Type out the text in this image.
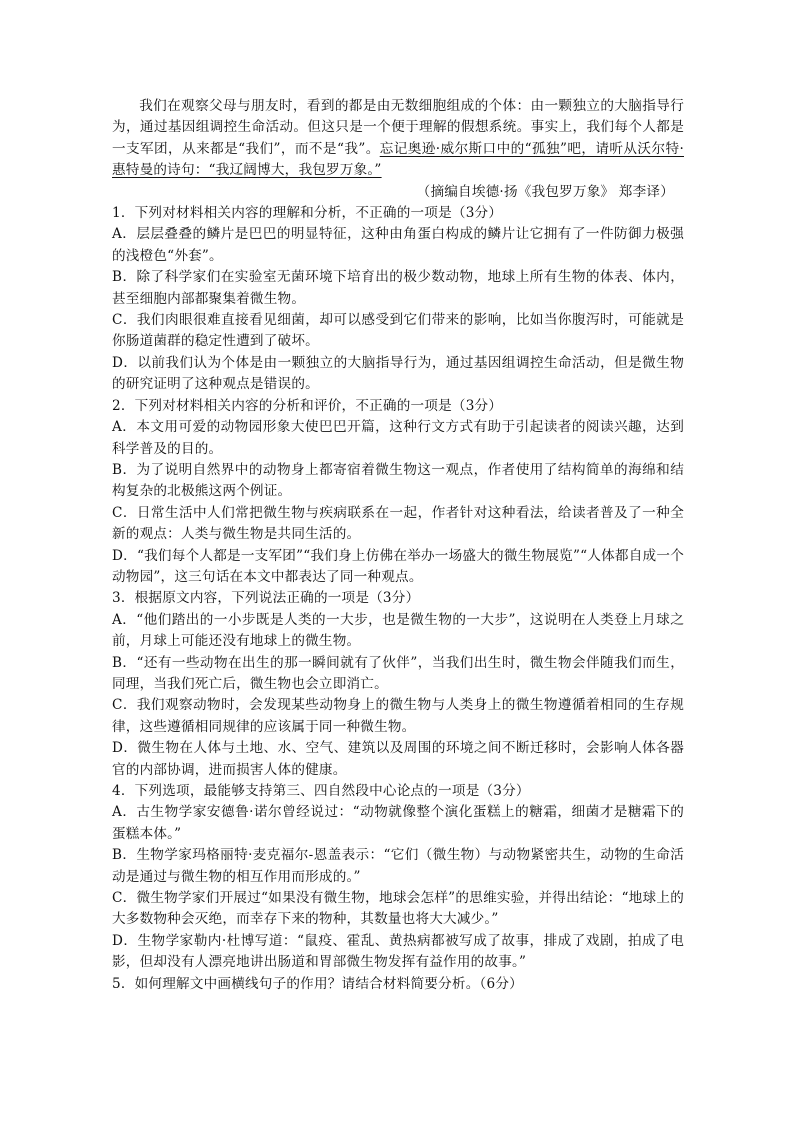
我们在观察父母与朋友时，看到的都是由无数细胞组成的个体：由一颗独立的大脑指导行为，通过基因组调控生命活动。但这只是一个便于理解的假想系统。事实上，我们每个人都是一支军团，从来都是“我们”，而不是“我”。忘记奥逊·威尔斯口中的“孤独”吧，请听从沃尔特·惠特曼的诗句：“我辽阔博大，我包罗万象。”

（摘编自埃德·扬《我包罗万象》 郑李译）

1．下列对材料相关内容的理解和分析，不正确的一项是（3分）

A．层层叠叠的鳞片是巴巴的明显特征，这种由角蛋白构成的鳞片让它拥有了一件防御力极强的浅橙色“外套”。

B．除了科学家们在实验室无菌环境下培育出的极少数动物，地球上所有生物的体表、体内，甚至细胞内部都聚集着微生物。

C．我们肉眼很难直接看见细菌，却可以感受到它们带来的影响，比如当你腹泻时，可能就是你肠道菌群的稳定性遭到了破坏。

D．以前我们认为个体是由一颗独立的大脑指导行为，通过基因组调控生命活动，但是微生物的研究证明了这种观点是错误的。

2．下列对材料相关内容的分析和评价，不正确的一项是（3分）

A．本文用可爱的动物园形象大使巴巴开篇，这种行文方式有助于引起读者的阅读兴趣，达到科学普及的目的。

B．为了说明自然界中的动物身上都寄宿着微生物这一观点，作者使用了结构简单的海绵和结构复杂的北极熊这两个例证。

C．日常生活中人们常把微生物与疾病联系在一起，作者针对这种看法，给读者普及了一种全新的观点：人类与微生物是共同生活的。

D．“我们每个人都是一支军团”“我们身上仿佛在举办一场盛大的微生物展览”“人体都自成一个动物园”，这三句话在本文中都表达了同一种观点。

3．根据原文内容，下列说法正确的一项是（3分）

A．“他们踏出的一小步既是人类的一大步，也是微生物的一大步”，这说明在人类登上月球之前，月球上可能还没有地球上的微生物。

B．“还有一些动物在出生的那一瞬间就有了伙伴”，当我们出生时，微生物会伴随我们而生，同理，当我们死亡后，微生物也会立即消亡。

C．我们观察动物时，会发现某些动物身上的微生物与人类身上的微生物遵循着相同的生存规律，这些遵循相同规律的应该属于同一种微生物。

D．微生物在人体与土地、水、空气、建筑以及周围的环境之间不断迁移时，会影响人体各器官的内部协调，进而损害人体的健康。

4．下列选项，最能够支持第三、四自然段中心论点的一项是（3分）

A．古生物学家安德鲁·诺尔曾经说过：“动物就像整个演化蛋糕上的糖霜，细菌才是糖霜下的蛋糕本体。”

B．生物学家玛格丽特·麦克福尔-恩盖表示：“它们（微生物）与动物紧密共生，动物的生命活动是通过与微生物的相互作用而形成的。”

C．微生物学家们开展过“如果没有微生物，地球会怎样”的思维实验，并得出结论：“地球上的大多数物种会灭绝，而幸存下来的物种，其数量也将大大减少。”

D．生物学家勒内·杜博写道：“鼠疫、霍乱、黄热病都被写成了故事，排成了戏剧，拍成了电影，但却没有人漂亮地讲出肠道和胃部微生物发挥有益作用的故事。”

5．如何理解文中画横线句子的作用？请结合材料简要分析。（6分）
